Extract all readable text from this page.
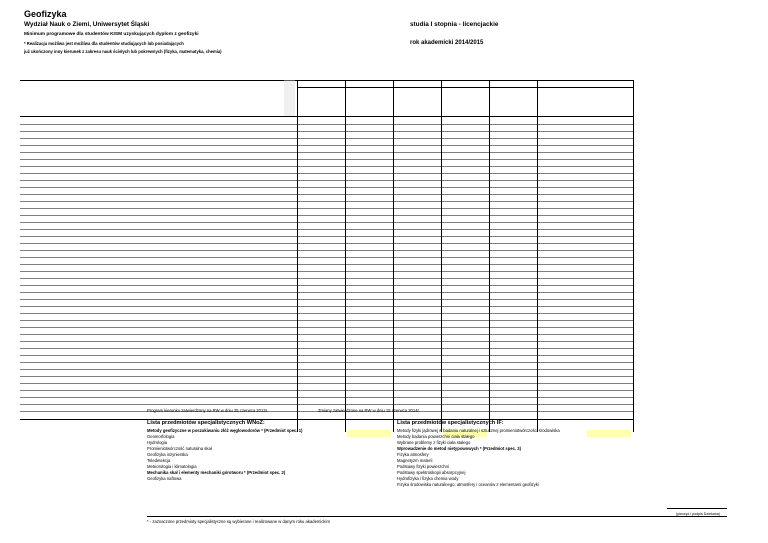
Geofizyka
Wydział Nauk o Ziemi, Uniwersytet Śląski	studia I stopnia - licencjackie
Minimum programowe dla studentów KISM uzyskujących dyplom z geofizyki
* Realizacja możliwa jest możliwa dla studentów studiujących lub posiadających	rok akademicki 2014/2015
już ukończony inny kierunek z zakresu nauk ścisłych lub pokrewnych (fizyka, matematyka, chemia)
Program kierunku zatwierdzony na RW w dniu 25 czerwca 2013r.	Zmiany zatwierdzone na RW w dniu 15 czerwca 2014r.
Lista przedmiotów specjalistycznych WNoZ:	Lista przedmiotów specjalistycznych IF:
(pieczęć i podpis Dziekana)
* - zaznaczone przedmioty specjalistyczne są wybierane i realizowane w danym roku akademickim
Metody geofizyczne w poszukiwaniu złóż węglowodorów * (Przedmiot spec. 1)
Geomorfologia
Hydrologia
Promieniotwórczość naturalna skał
Geofizyka inżynierska
Teledetekcja
Meteorologia i klimatologia
Mechanika skał i elementy mechaniki górotworu * (Przedmiot spec. 2)
Geofizyka naftowa
Metody fizyki jądrowej w badaniu naturalnej i sztucznej promieniotwórczości środowiska
Metody badania powierzchni ciała stałego
Wybrane problemy z fizyki ciała stałego
Wprowadzenie do metod nietypowowych * (Przedmiot spec. 3)
Fizyka atmosfery
Magnetyzm materii
Podstawy fizyki powierzchni
Podstawy spektroskopii absorpcyjnej
Hydrofizyka i fizyka chemia wody
Fizyka środowiska naturalnego: atmosfery i oceanów z elementami geofizyki
